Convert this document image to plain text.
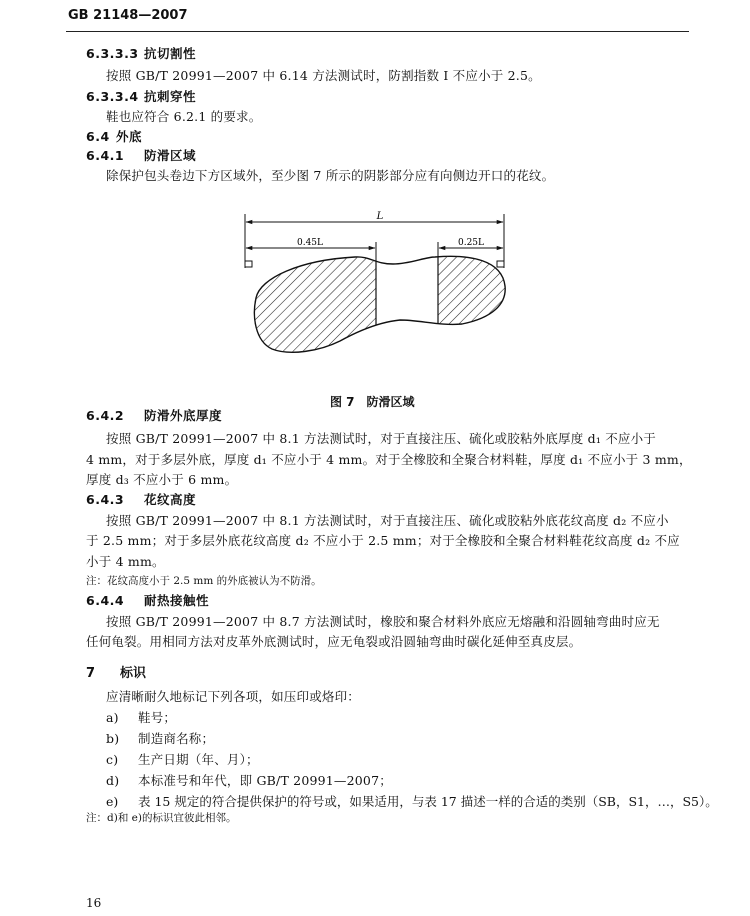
GB 21148—2007
6.3.3.3 抗切割性
按照 GB/T 20991—2007 中 6.14 方法测试时，防割指数 I 不应小于 2.5。
6.3.3.4 抗刺穿性
鞋也应符合 6.2.1 的要求。
6.4 外底
6.4.1 防滑区域
除保护包头卷边下方区域外，至少图 7 所示的阴影部分应有向侧边开口的花纹。
L
0.45L	0.25L
图 7　防滑区域
6.4.2 防滑外底厚度
按照 GB/T 20991—2007 中 8.1 方法测试时，对于直接注压、硫化或胶粘外底厚度 d₁ 不应小于
4 mm，对于多层外底，厚度 d₁ 不应小于 4 mm。对于全橡胶和全聚合材料鞋，厚度 d₁ 不应小于 3 mm，
厚度 d₃ 不应小于 6 mm。
6.4.3 花纹高度
按照 GB/T 20991—2007 中 8.1 方法测试时，对于直接注压、硫化或胶粘外底花纹高度 d₂ 不应小
于 2.5 mm；对于多层外底花纹高度 d₂ 不应小于 2.5 mm；对于全橡胶和全聚合材料鞋花纹高度 d₂ 不应
小于 4 mm。
注：花纹高度小于 2.5 mm 的外底被认为不防滑。
6.4.4 耐热接触性
按照 GB/T 20991—2007 中 8.7 方法测试时，橡胶和聚合材料外底应无熔融和沿圆轴弯曲时应无
任何龟裂。用相同方法对皮革外底测试时，应无龟裂或沿圆轴弯曲时碳化延伸至真皮层。
7 标识
应清晰耐久地标记下列各项，如压印或烙印：
a) 鞋号；
b) 制造商名称；
c) 生产日期（年、月）；
d) 本标准号和年代，即 GB/T 20991—2007；
e) 表 15 规定的符合提供保护的符号或，如果适用，与表 17 描述一样的合适的类别（SB，S1，…，S5）。
注：d)和 e)的标识宜彼此相邻。
16
